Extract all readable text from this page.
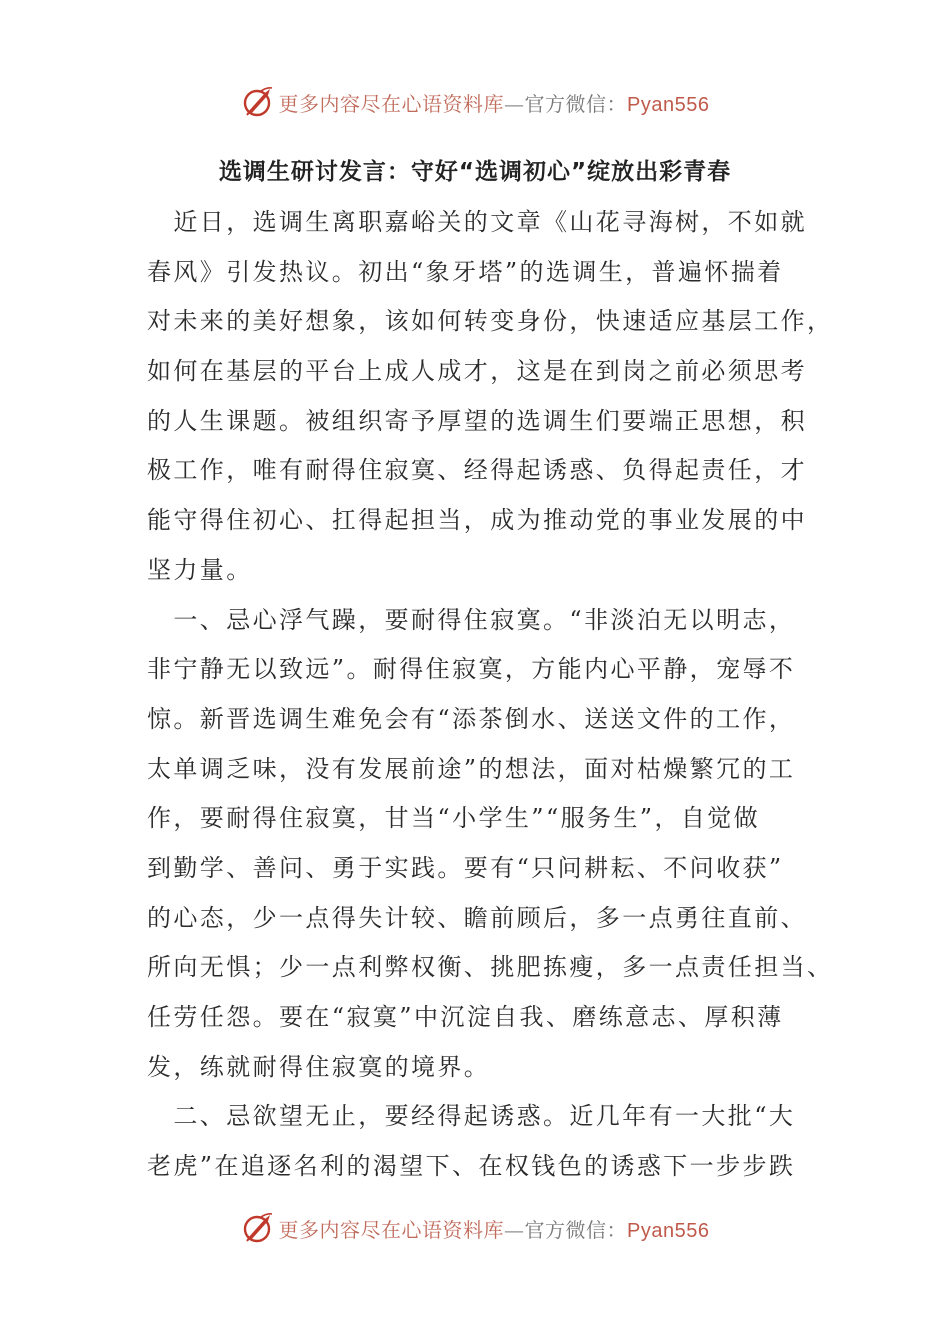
更多内容尽在心语资料库—官方微信：Pyan556
选调生研讨发言：守好“选调初心”绽放出彩青春
　近日，选调生离职嘉峪关的文章《山花寻海树，不如就
春风》引发热议。初出“象牙塔”的选调生，普遍怀揣着
对未来的美好想象，该如何转变身份，快速适应基层工作，
如何在基层的平台上成人成才，这是在到岗之前必须思考
的人生课题。被组织寄予厚望的选调生们要端正思想，积
极工作，唯有耐得住寂寞、经得起诱惑、负得起责任，才
能守得住初心、扛得起担当，成为推动党的事业发展的中
坚力量。
　一、忌心浮气躁，要耐得住寂寞。“非淡泊无以明志，
非宁静无以致远”。耐得住寂寞，方能内心平静，宠辱不
惊。新晋选调生难免会有“添茶倒水、送送文件的工作，
太单调乏味，没有发展前途”的想法，面对枯燥繁冗的工
作，要耐得住寂寞，甘当“小学生”“服务生”，自觉做
到勤学、善问、勇于实践。要有“只问耕耘、不问收获”
的心态，少一点得失计较、瞻前顾后，多一点勇往直前、
所向无惧；少一点利弊权衡、挑肥拣瘦，多一点责任担当、
任劳任怨。要在“寂寞”中沉淀自我、磨练意志、厚积薄
发，练就耐得住寂寞的境界。
　二、忌欲望无止，要经得起诱惑。近几年有一大批“大
老虎”在追逐名利的渴望下、在权钱色的诱惑下一步步跌
更多内容尽在心语资料库—官方微信：Pyan556
